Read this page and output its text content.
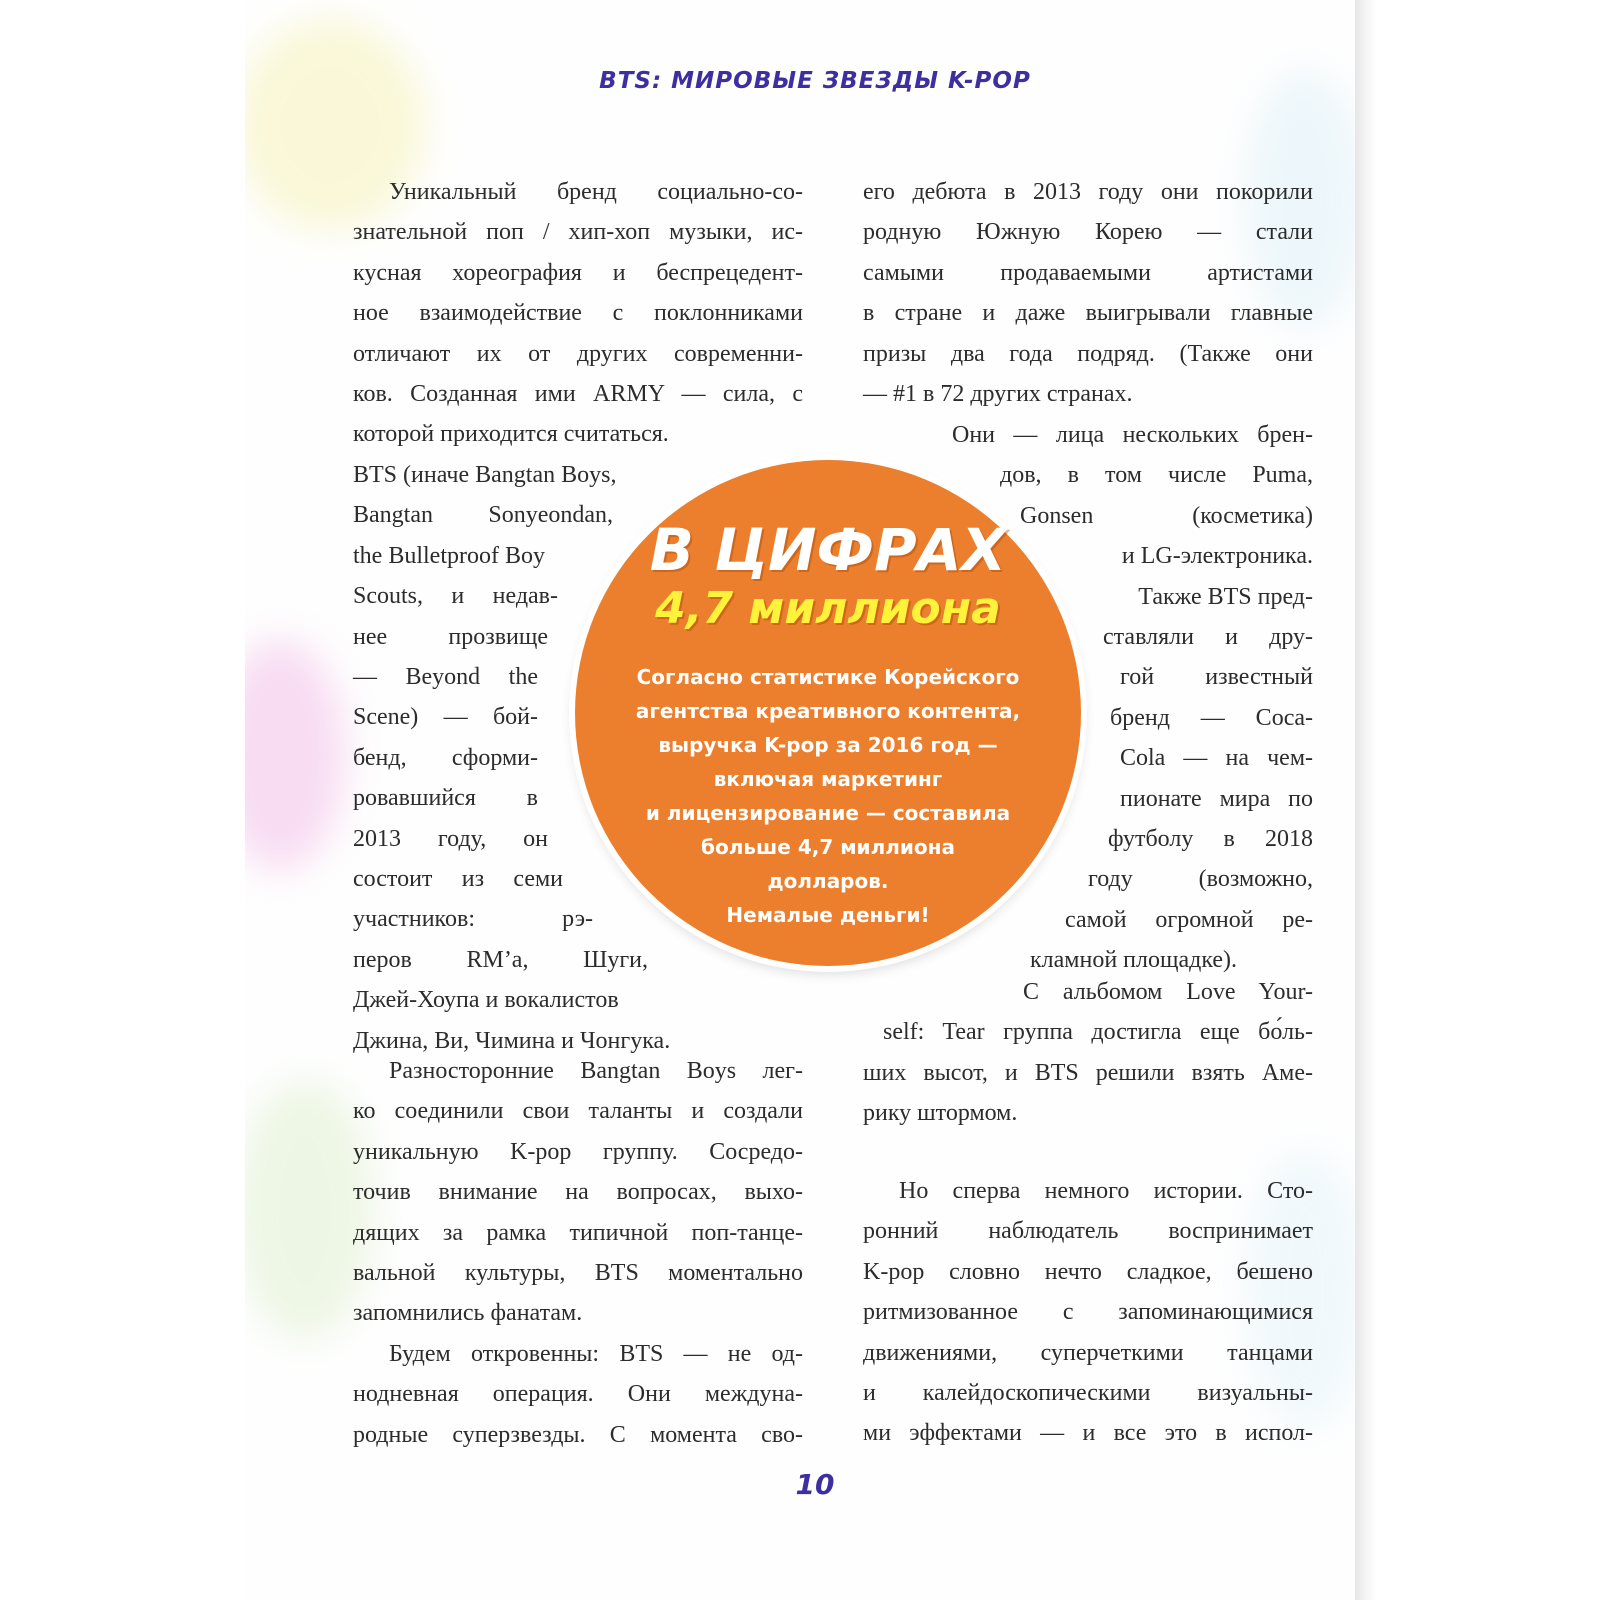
BTS: МИРОВЫЕ ЗВЕЗДЫ K-POP

Уникальный бренд социально-со-

знательной поп / хип-хоп музыки, ис-

кусная хореография и беспрецедент-

ное взаимодействие с поклонниками

отличают их от других современни-

ков. Созданная ими ARMY — сила, с

которой приходится считаться.

BTS (иначе Bangtan Boys,

Bangtan Sonyeondan,

the Bulletproof Boy

Scouts, и недав-

нее прозвище

— Beyond the

Scene) — бой-

бенд, сформи-

ровавшийся в

2013 году, он

состоит из семи

участников: рэ-

перов RM’а, Шуги,

Джей-Хоупа и вокалистов

Джина, Ви, Чимина и Чонгука.

Разносторонние Bangtan Boys лег-

ко соединили свои таланты и создали

уникальную K-pop группу. Сосредо-

точив внимание на вопросах, выхо-

дящих за рамка типичной поп-танце-

вальной культуры, BTS моментально

запомнились фанатам.

Будем откровенны: BTS — не од-

нодневная операция. Они междуна-

родные суперзвезды. С момента сво-

его дебюта в 2013 году они покорили

родную Южную Корею — стали

самыми продаваемыми артистами

в стране и даже выигрывали главные

призы два года подряд. (Также они

— #1 в 72 других странах.

Они — лица нескольких брен-

дов, в том числе Puma,

Gonsen (косметика)

и LG-электроника.

Также BTS пред-

ставляли и дру-

гой известный

бренд — Coca-

Cola — на чем-

пионате мира по

футболу в 2018

году (возможно,

самой огромной ре-

кламной площадке).

С альбомом Love Your-

self: Tear группа достигла еще бо́ль-

ших высот, и BTS решили взять Аме-

рику штормом.

Но сперва немного истории. Сто-

ронний наблюдатель воспринимает

K-pop словно нечто сладкое, бешено

ритмизованное с запоминающимися

движениями, суперчеткими танцами

и калейдоскопическими визуальны-

ми эффектами — и все это в испол-

В ЦИФРАХ
4,7 миллиона
Согласно статистике Корейского
агентства креативного контента,
выручка K-pop за 2016 год —
включая маркетинг
и лицензирование — составила
больше 4,7 миллиона
долларов.
Немалые деньги!
10
